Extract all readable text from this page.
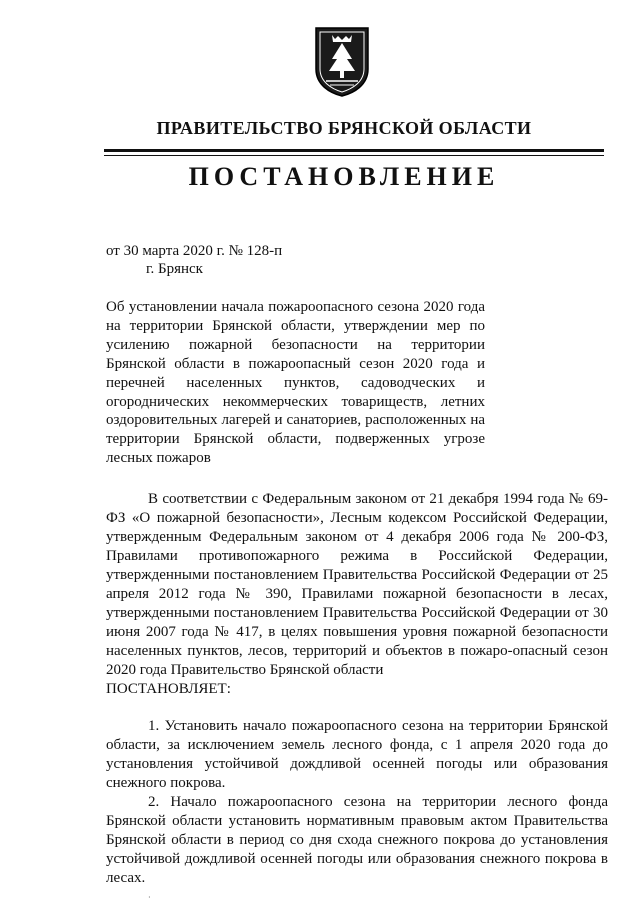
ПРАВИТЕЛЬСТВО БРЯНСКОЙ ОБЛАСТИ
ПОСТАНОВЛЕНИЕ
от 30 марта 2020 г. № 128-п
г. Брянск
Об установлении начала пожароопасного сезона 2020 года на территории Брянской области, утверждении мер по усилению пожарной безопасности на территории Брянской области в пожароопасный сезон 2020 года и перечней населенных пунктов, садоводческих и огороднических некоммерческих товариществ, летних оздоровительных лагерей и санаториев, расположенных на территории Брянской области, подверженных угрозе лесных пожаров

В соответствии с Федеральным законом от 21 декабря 1994 года № 69-ФЗ «О пожарной безопасности», Лесным кодексом Российской Федерации, утвержденным Федеральным законом от 4 декабря 2006 года № 200-ФЗ, Правилами противопожарного режима в Российской Федерации, утвержденными постановлением Правительства Российской Федерации от 25 апреля 2012 года № 390, Правилами пожарной безопасности в лесах, утвержденными постановлением Правительства Российской Федерации от 30 июня 2007 года № 417, в целях повышения уровня пожарной безопасности населенных пунктов, лесов, территорий и объектов в пожаро-опасный сезон 2020 года Правительство Брянской области

ПОСТАНОВЛЯЕТ:

1. Установить начало пожароопасного сезона на территории Брянской области, за исключением земель лесного фонда, с 1 апреля 2020 года до установления устойчивой дождливой осенней погоды или образования снежного покрова.

2. Начало пожароопасного сезона на территории лесного фонда Брянской области установить нормативным правовым актом Правительства Брянской области в период со дня схода снежного покрова до установления устойчивой дождливой осенней погоды или образования снежного покрова в лесах.

·
